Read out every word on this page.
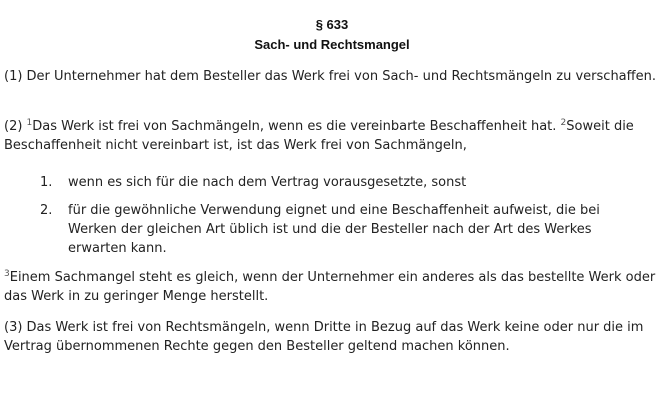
§ 633
Sach- und Rechtsmangel

(1) Der Unternehmer hat dem Besteller das Werk frei von Sach- und Rechtsmängeln zu verschaffen.

(2) $^1$Das Werk ist frei von Sachmängeln, wenn es die vereinbarte Beschaffenheit hat. $^2$Soweit die Beschaffenheit nicht vereinbart ist, ist das Werk frei von Sachmängeln,

1. wenn es sich für die nach dem Vertrag vorausgesetzte, sonst
2. für die gewöhnliche Verwendung eignet und eine Beschaffenheit aufweist, die bei Werken der gleichen Art üblich ist und die der Besteller nach der Art des Werkes erwarten kann.

$^3$Einem Sachmangel steht es gleich, wenn der Unternehmer ein anderes als das bestellte Werk oder das Werk in zu geringer Menge herstellt.

(3) Das Werk ist frei von Rechtsmängeln, wenn Dritte in Bezug auf das Werk keine oder nur die im Vertrag übernommenen Rechte gegen den Besteller geltend machen können.
